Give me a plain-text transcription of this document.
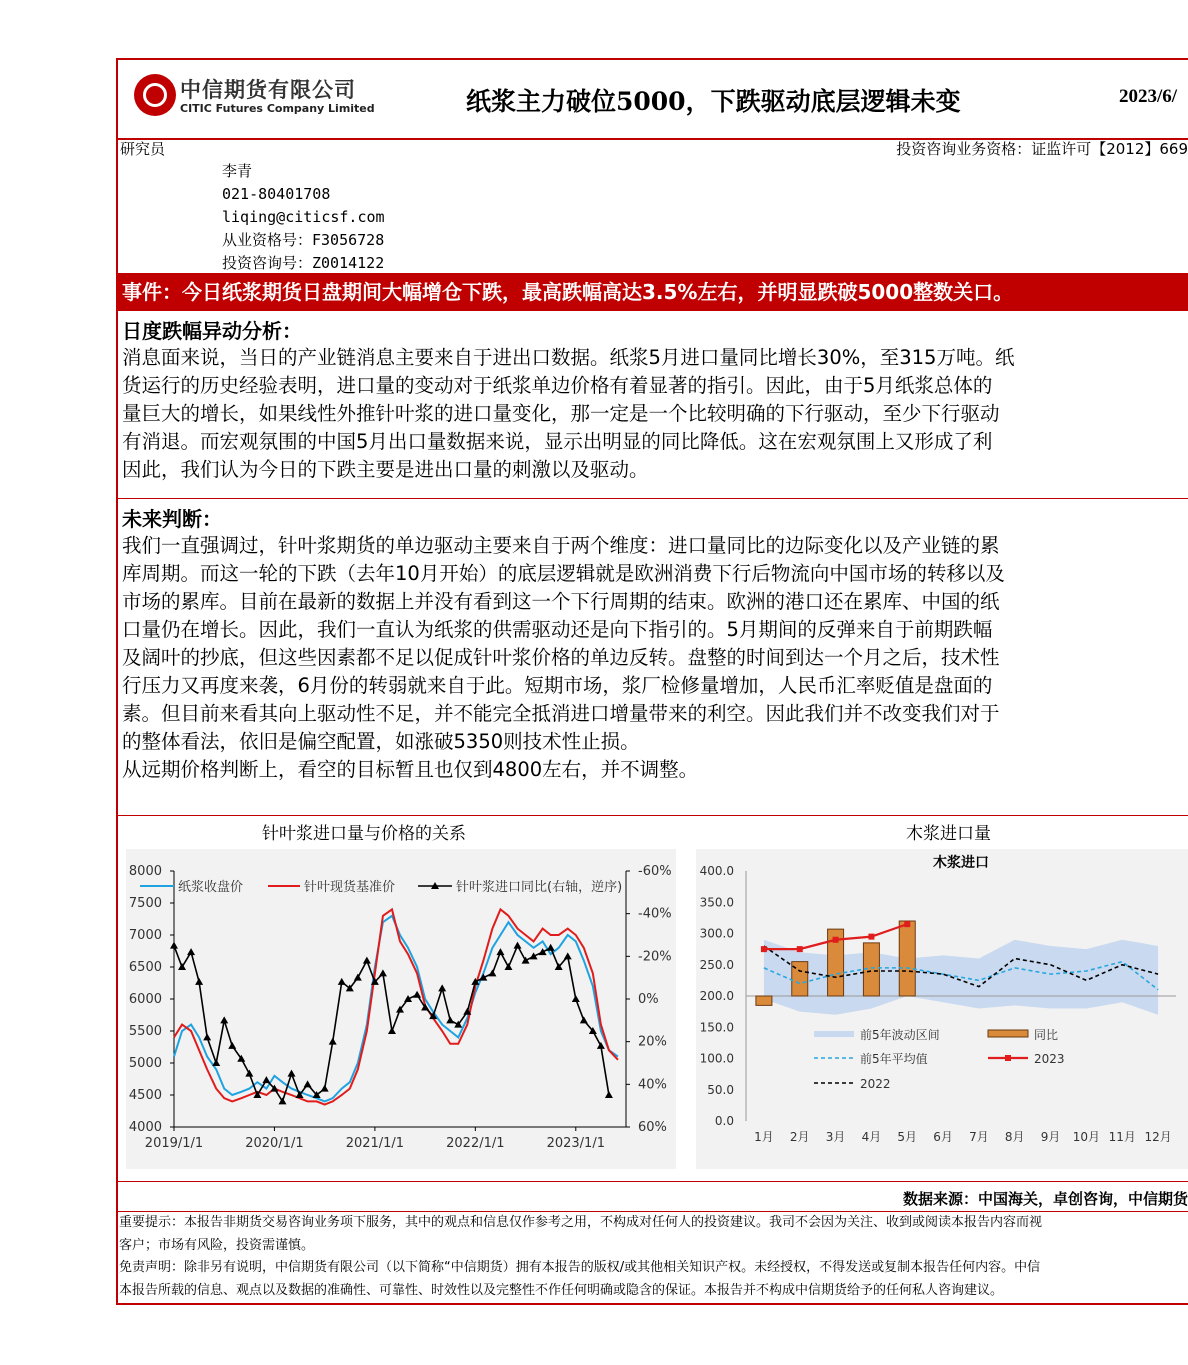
中信期货有限公司
CITIC Futures Company Limited	纸浆主力破位5000，下跌驱动底层逻辑未变	2023/6/
研究员	投资咨询业务资格：证监许可【2012】669
李青
021-80401708
liqing@citicsf.com
从业资格号：F3056728
投资咨询号：Z0014122
事件：今日纸浆期货日盘期间大幅增仓下跌，最高跌幅高达3.5%左右，并明显跌破5000整数关口。
日度跌幅异动分析：
消息面来说，当日的产业链消息主要来自于进出口数据。纸浆5月进口量同比增长30%，至315万吨。纸
货运行的历史经验表明，进口量的变动对于纸浆单边价格有着显著的指引。因此，由于5月纸浆总体的
量巨大的增长，如果线性外推针叶浆的进口量变化，那一定是一个比较明确的下行驱动，至少下行驱动
有消退。而宏观氛围的中国5月出口量数据来说，显示出明显的同比降低。这在宏观氛围上又形成了利
因此，我们认为今日的下跌主要是进出口量的刺激以及驱动。
未来判断：
我们一直强调过，针叶浆期货的单边驱动主要来自于两个维度：进口量同比的边际变化以及产业链的累
库周期。而这一轮的下跌（去年10月开始）的底层逻辑就是欧洲消费下行后物流向中国市场的转移以及
市场的累库。目前在最新的数据上并没有看到这一个下行周期的结束。欧洲的港口还在累库、中国的纸
口量仍在增长。因此，我们一直认为纸浆的供需驱动还是向下指引的。5月期间的反弹来自于前期跌幅
及阔叶的抄底，但这些因素都不足以促成针叶浆价格的单边反转。盘整的时间到达一个月之后，技术性
行压力又再度来袭，6月份的转弱就来自于此。短期市场，浆厂检修量增加，人民币汇率贬值是盘面的
素。但目前来看其向上驱动性不足，并不能完全抵消进口增量带来的利空。因此我们并不改变我们对于
的整体看法，依旧是偏空配置，如涨破5350则技术性止损。
从远期价格判断上，看空的目标暂且也仅到4800左右，并不调整。
针叶浆进口量与价格的关系	木浆进口量
8000
7500
7000
6500
6000
5500
5000
4500
4000
-60%
-40%
-20%
0%
20%
40%
60%
2019/1/1	2020/1/1	2021/1/1	2022/1/1	2023/1/1
纸浆收盘价	针叶现货基准价	针叶浆进口同比(右轴，逆序)
木浆进口
400.0
350.0
300.0
250.0
200.0
150.0
100.0
50.0
0.0
1月 2月 3月 4月 5月 6月 7月 8月 9月 10月 11月 12月
前5年波动区间	同比
前5年平均值	2023
2022
数据来源：中国海关，卓创咨询，中信期货
重要提示：本报告非期货交易咨询业务项下服务，其中的观点和信息仅作参考之用，不构成对任何人的投资建议。我司不会因为关注、收到或阅读本报告内容而视
客户；市场有风险，投资需谨慎。
免责声明：除非另有说明，中信期货有限公司（以下简称“中信期货）拥有本报告的版权/或其他相关知识产权。未经授权，不得发送或复制本报告任何内容。中信
本报告所载的信息、观点以及数据的准确性、可靠性、时效性以及完整性不作任何明确或隐含的保证。本报告并不构成中信期货给予的任何私人咨询建议。
